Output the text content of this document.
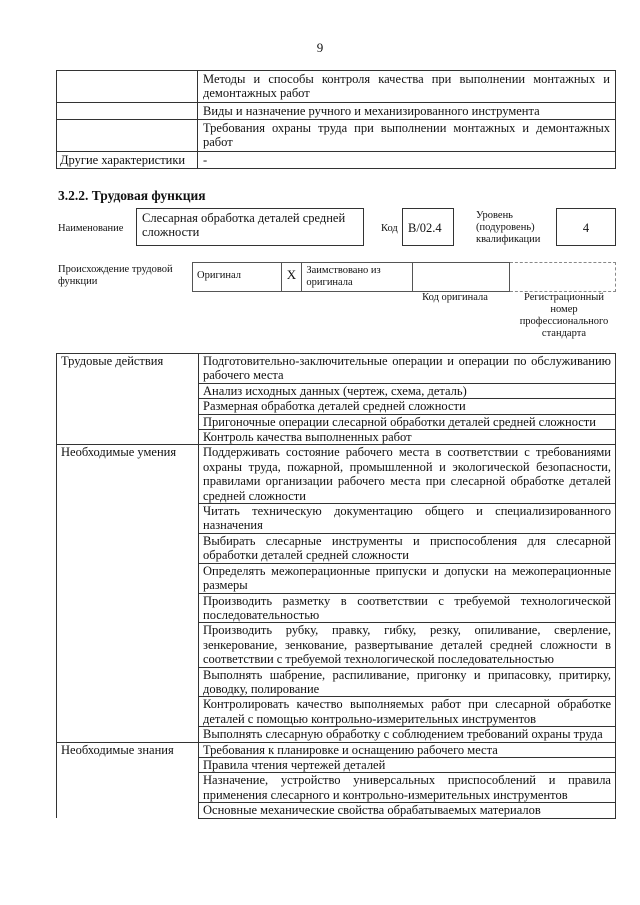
9
	Методы и способы контроля качества при выполнении монтажных и демонтажных работ
	Виды и назначение ручного и механизированного инструмента
	Требования охраны труда при выполнении монтажных и демонтажных работ
Другие характеристики	-
3.2.2. Трудовая функция
Наименование
Слесарная обработка деталей средней сложности	Код B/02.4
Уровень (подуровень) квалификации
4
Происхождение трудовой функции
Оригинал	X	Заимствовано из оригинала		
Код оригинала	Регистрационный номер профессионального стандарта
Трудовые действия	Подготовительно-заключительные операции и операции по обслуживанию рабочего места
	Анализ исходных данных (чертеж, схема, деталь)
	Размерная обработка деталей средней сложности
	Пригоночные операции слесарной обработки деталей средней сложности
	Контроль качества выполненных работ
Необходимые умения	Поддерживать состояние рабочего места в соответствии с требованиями охраны труда, пожарной, промышленной и экологической безопасности, правилами организации рабочего места при слесарной обработке деталей средней сложности
	Читать техническую документацию общего и специализированного назначения
	Выбирать слесарные инструменты и приспособления для слесарной обработки деталей средней сложности
	Определять межоперационные припуски и допуски на межоперационные размеры
	Производить разметку в соответствии с требуемой технологической последовательностью
	Производить рубку, правку, гибку, резку, опиливание, сверление, зенкерование, зенкование, развертывание деталей средней сложности в соответствии с требуемой технологической последовательностью
	Выполнять шабрение, распиливание, пригонку и припасовку, притирку, доводку, полирование
	Контролировать качество выполняемых работ при слесарной обработке деталей с помощью контрольно-измерительных инструментов
	Выполнять слесарную обработку с соблюдением требований охраны труда
Необходимые знания	Требования к планировке и оснащению рабочего места
	Правила чтения чертежей деталей
	Назначение, устройство универсальных приспособлений и правила применения слесарного и контрольно-измерительных инструментов
	Основные механические свойства обрабатываемых материалов
